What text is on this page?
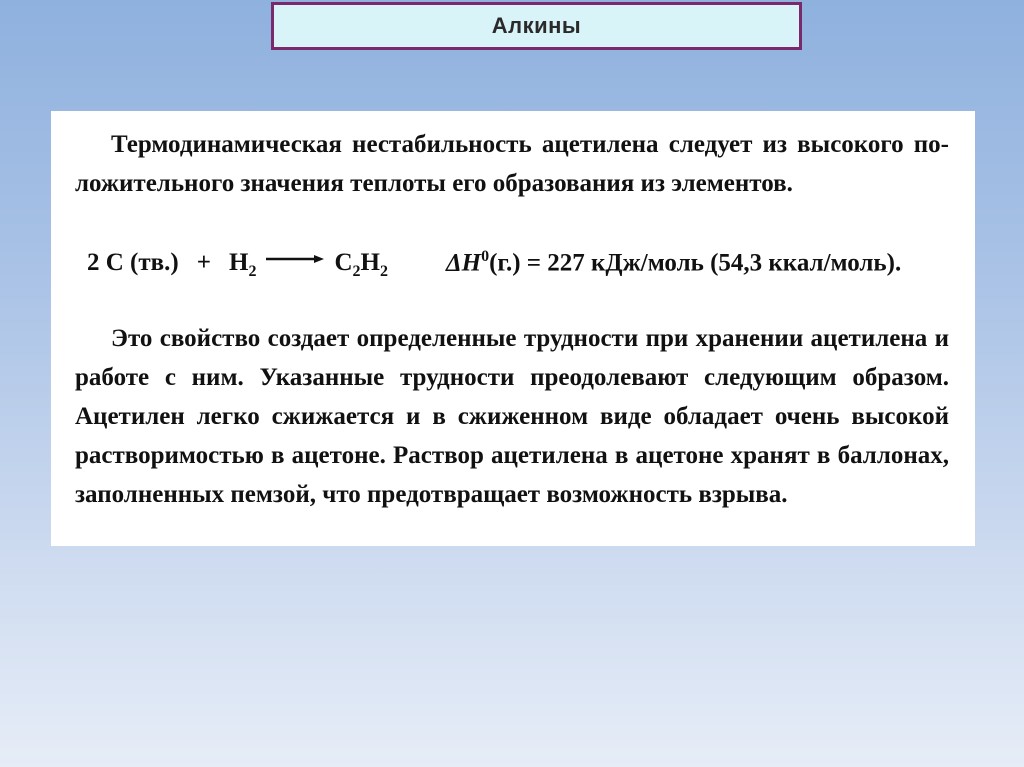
Алкины

Термодинамическая нестабильность ацетилена следует из высокого по-
ложительного значения теплоты его образования из элементов.

2 C $(тв.) + H_2 \to C_2H_2$ $\Delta H^0(г.) = 227$ кДж/моль (54,3 ккал/моль).

Это свойство создает определенные трудности при хранении ацетилена и
работе с ним. Указанные трудности преодолевают следующим образом.
Ацетилен легко сжижается и в сжиженном виде обладает очень высокой
растворимостью в ацетоне. Раствор ацетилена в ацетоне хранят в баллонах,
заполненных пемзой, что предотвращает возможность взрыва.
